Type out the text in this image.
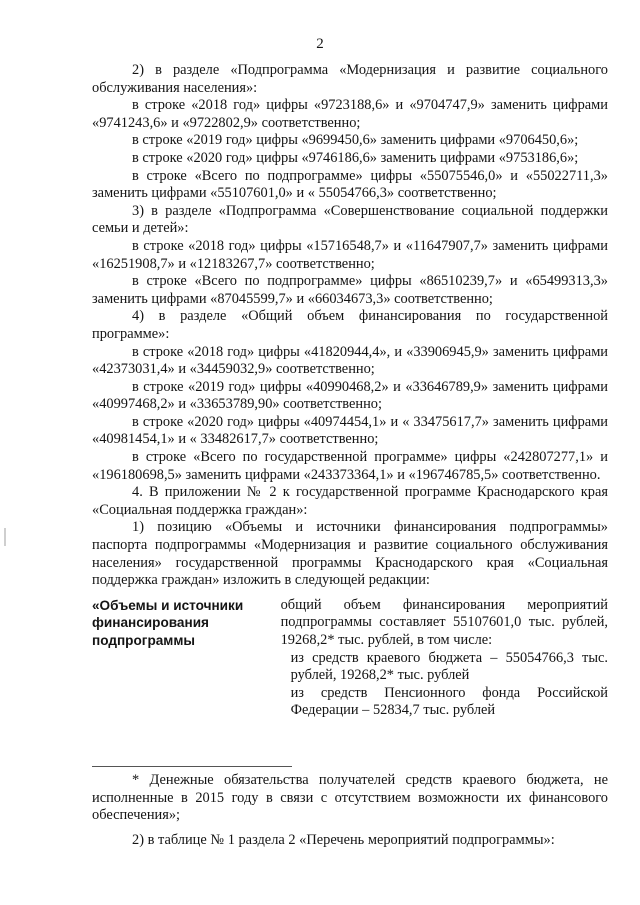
2

2) в разделе «Подпрограмма «Модернизация и развитие социального обслуживания населения»:

в строке «2018 год» цифры «9723188,6» и «9704747,9» заменить цифрами «9741243,6» и «9722802,9» соответственно;

в строке «2019 год» цифры «9699450,6» заменить цифрами «9706450,6»;

в строке «2020 год» цифры «9746186,6» заменить цифрами «9753186,6»;

в строке «Всего по подпрограмме» цифры «55075546,0» и «55022711,3» заменить цифрами «55107601,0» и « 55054766,3» соответственно;

3) в разделе «Подпрограмма «Совершенствование социальной поддержки семьи и детей»:

в строке «2018 год» цифры «15716548,7» и «11647907,7» заменить цифрами «16251908,7» и «12183267,7» соответственно;

в строке «Всего по подпрограмме» цифры «86510239,7» и «65499313,3» заменить цифрами «87045599,7» и «66034673,3» соответственно;

4) в разделе «Общий объем финансирования по государственной программе»:

в строке «2018 год» цифры «41820944,4», и «33906945,9» заменить цифрами «42373031,4» и «34459032,9» соответственно;

в строке «2019 год» цифры «40990468,2» и «33646789,9» заменить цифрами «40997468,2» и «33653789,90» соответственно;

в строке «2020 год» цифры «40974454,1» и « 33475617,7» заменить цифрами «40981454,1» и « 33482617,7» соответственно;

в строке «Всего по государственной программе» цифры «242807277,1» и «196180698,5» заменить цифрами «243373364,1» и «196746785,5» соответственно.

4. В приложении № 2 к государственной программе Краснодарского края «Социальная поддержка граждан»:

1) позицию «Объемы и источники финансирования подпрограммы» паспорта подпрограммы «Модернизация и развитие социального обслуживания населения» государственной программы Краснодарского края «Социальная поддержка граждан» изложить в следующей редакции:

«Объемы и источники финансирования подпрограммы

общий объем финансирования мероприятий подпрограммы составляет 55107601,0 тыс. рублей, 19268,2* тыс. рублей, в том числе:

из средств краевого бюджета – 55054766,3 тыс. рублей, 19268,2* тыс. рублей

из средств Пенсионного фонда Российской Федерации – 52834,7 тыс. рублей

* Денежные обязательства получателей средств краевого бюджета, не исполненные в 2015 году в связи с отсутствием возможности их финансового обеспечения»;

2) в таблице № 1 раздела 2 «Перечень мероприятий подпрограммы»:
